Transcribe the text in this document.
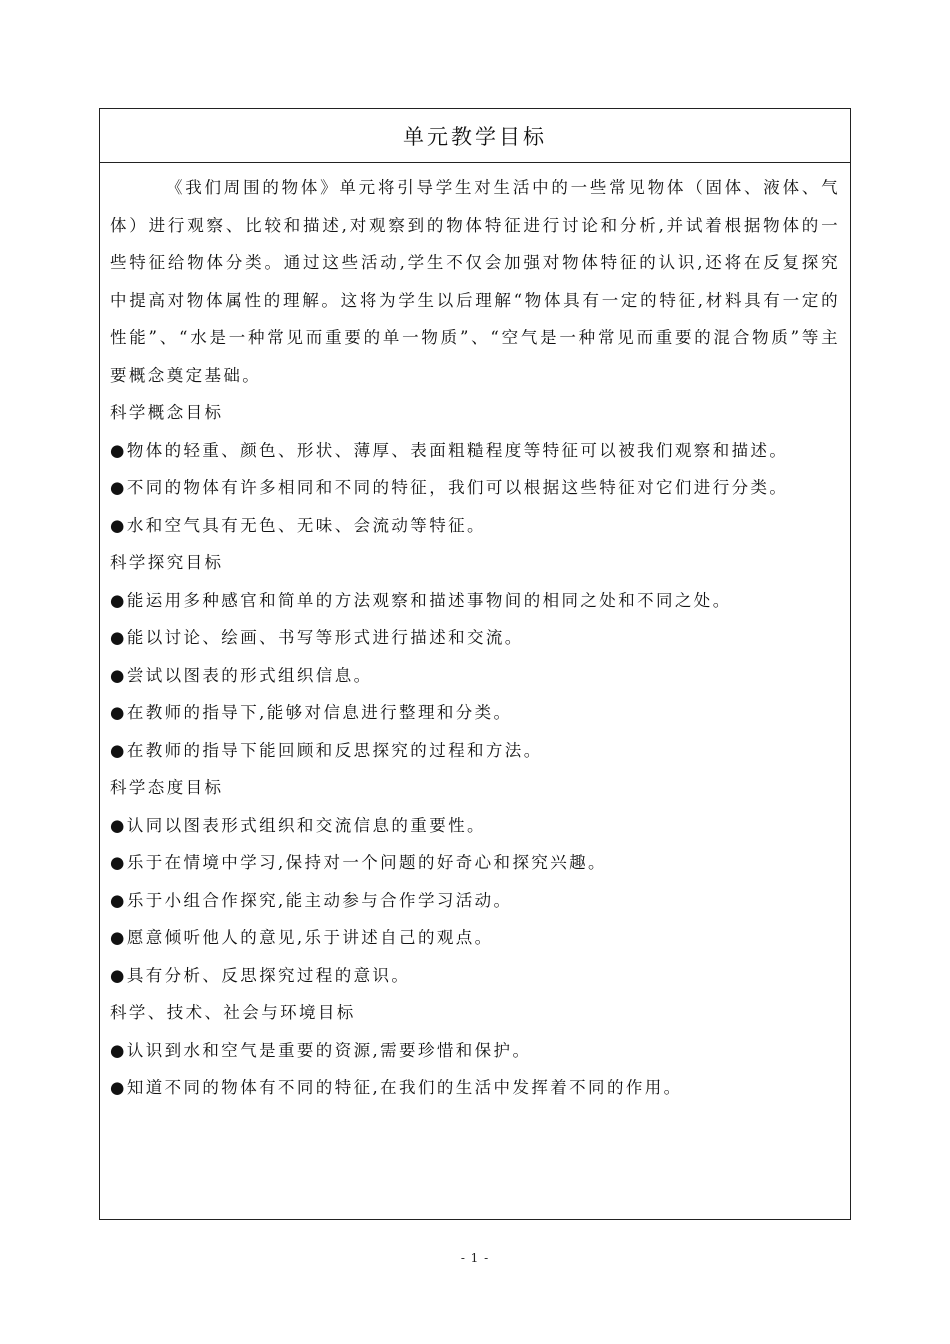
单元教学目标

《我们周围的物体》单元将引导学生对生活中的一些常见物体（固体、液体、气体）进行观察、比较和描述,对观察到的物体特征进行讨论和分析,并试着根据物体的一些特征给物体分类。通过这些活动,学生不仅会加强对物体特征的认识,还将在反复探究中提高对物体属性的理解。这将为学生以后理解“物体具有一定的特征,材料具有一定的性能”、“水是一种常见而重要的单一物质”、“空气是一种常见而重要的混合物质”等主要概念奠定基础。

科学概念目标

●物体的轻重、颜色、形状、薄厚、表面粗糙程度等特征可以被我们观察和描述。

●不同的物体有许多相同和不同的特征，我们可以根据这些特征对它们进行分类。

●水和空气具有无色、无味、会流动等特征。

科学探究目标

●能运用多种感官和简单的方法观察和描述事物间的相同之处和不同之处。

●能以讨论、绘画、书写等形式进行描述和交流。

●尝试以图表的形式组织信息。

●在教师的指导下,能够对信息进行整理和分类。

●在教师的指导下能回顾和反思探究的过程和方法。

科学态度目标

●认同以图表形式组织和交流信息的重要性。

●乐于在情境中学习,保持对一个问题的好奇心和探究兴趣。

●乐于小组合作探究,能主动参与合作学习活动。

●愿意倾听他人的意见,乐于讲述自己的观点。

●具有分析、反思探究过程的意识。

科学、技术、社会与环境目标

●认识到水和空气是重要的资源,需要珍惜和保护。

●知道不同的物体有不同的特征,在我们的生活中发挥着不同的作用。

- 1 -
